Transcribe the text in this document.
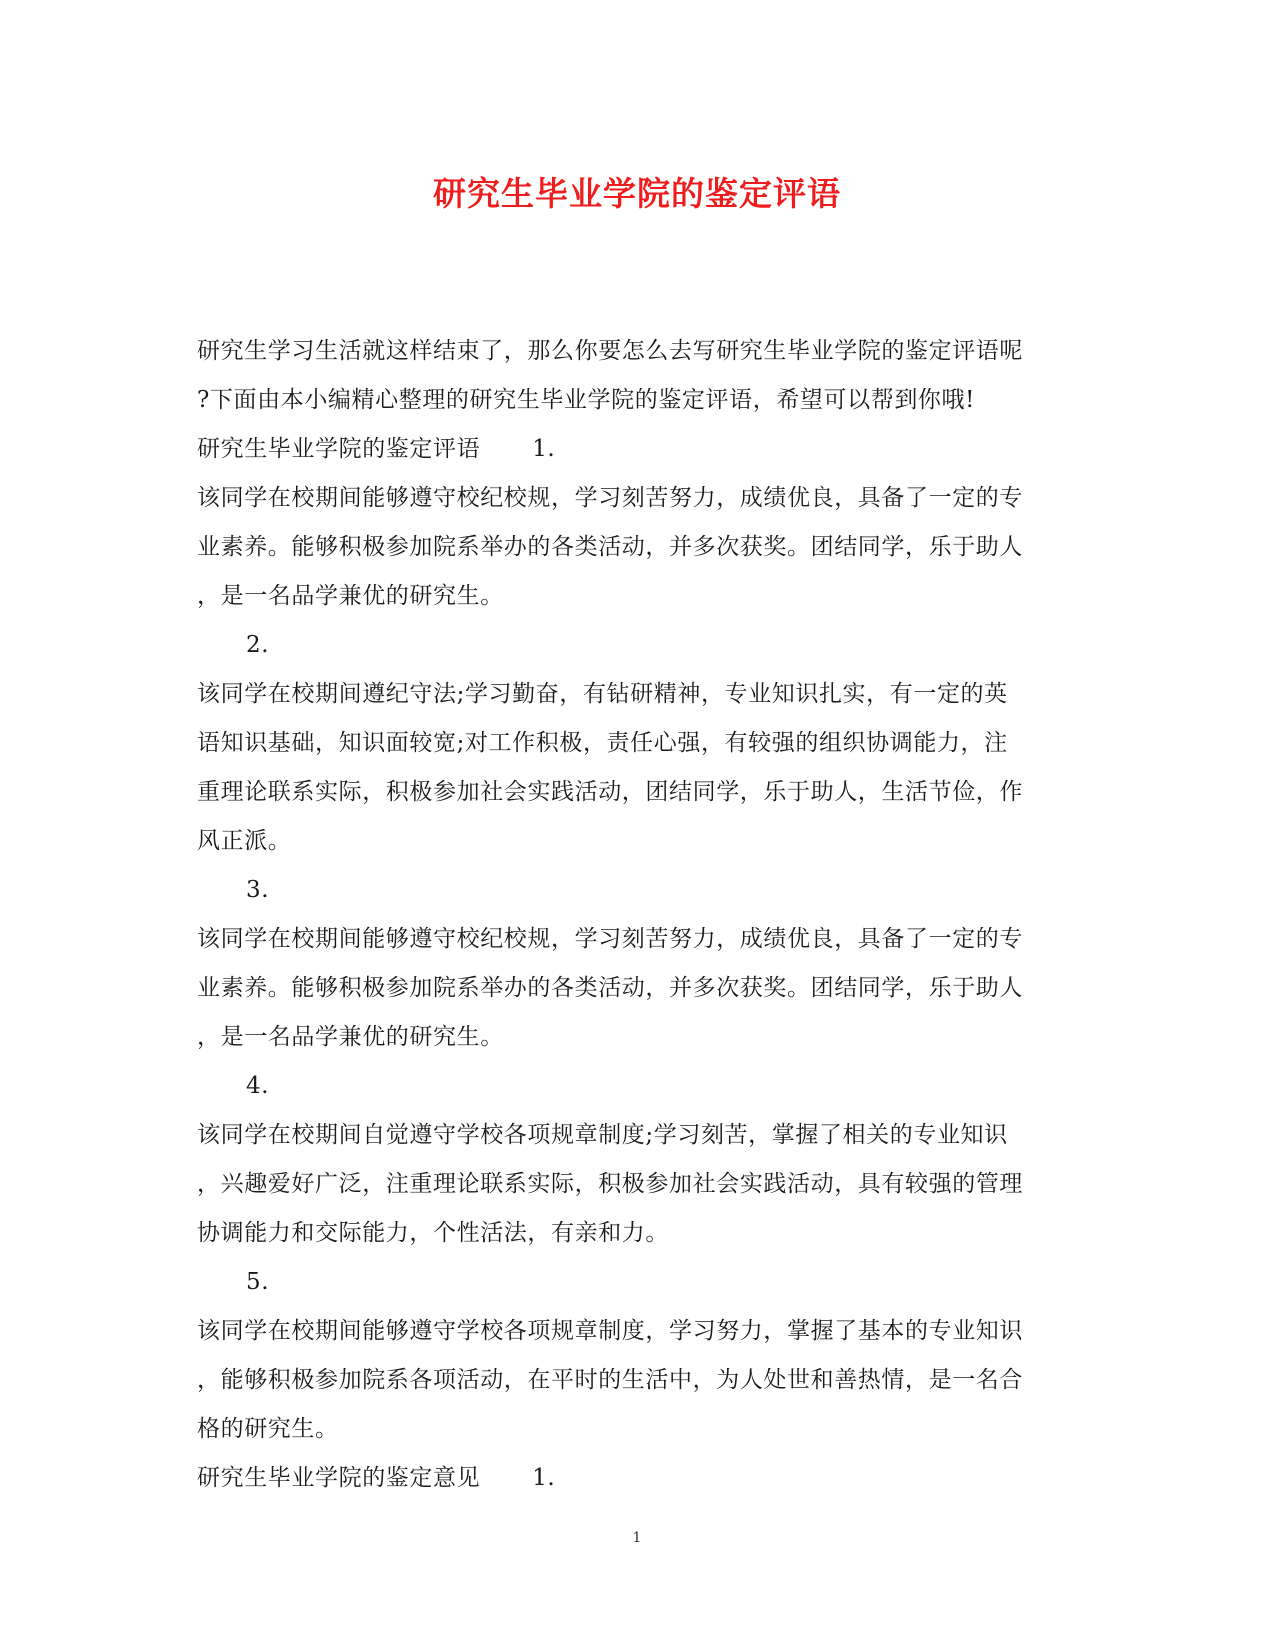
研究生毕业学院的鉴定评语
研究生学习生活就这样结束了，那么你要怎么去写研究生毕业学院的鉴定评语呢
?下面由本小编精心整理的研究生毕业学院的鉴定评语，希望可以帮到你哦!
研究生毕业学院的鉴定评语 1.
该同学在校期间能够遵守校纪校规，学习刻苦努力，成绩优良，具备了一定的专
业素养。能够积极参加院系举办的各类活动，并多次获奖。团结同学，乐于助人
，是一名品学兼优的研究生。
2.
该同学在校期间遵纪守法;学习勤奋，有钻研精神，专业知识扎实，有一定的英
语知识基础，知识面较宽;对工作积极，责任心强，有较强的组织协调能力，注
重理论联系实际，积极参加社会实践活动，团结同学，乐于助人，生活节俭，作
风正派。
3.
该同学在校期间能够遵守校纪校规，学习刻苦努力，成绩优良，具备了一定的专
业素养。能够积极参加院系举办的各类活动，并多次获奖。团结同学，乐于助人
，是一名品学兼优的研究生。
4.
该同学在校期间自觉遵守学校各项规章制度;学习刻苦，掌握了相关的专业知识
，兴趣爱好广泛，注重理论联系实际，积极参加社会实践活动，具有较强的管理
协调能力和交际能力，个性活法，有亲和力。
5.
该同学在校期间能够遵守学校各项规章制度，学习努力，掌握了基本的专业知识
，能够积极参加院系各项活动，在平时的生活中，为人处世和善热情，是一名合
格的研究生。
研究生毕业学院的鉴定意见 1.
1
